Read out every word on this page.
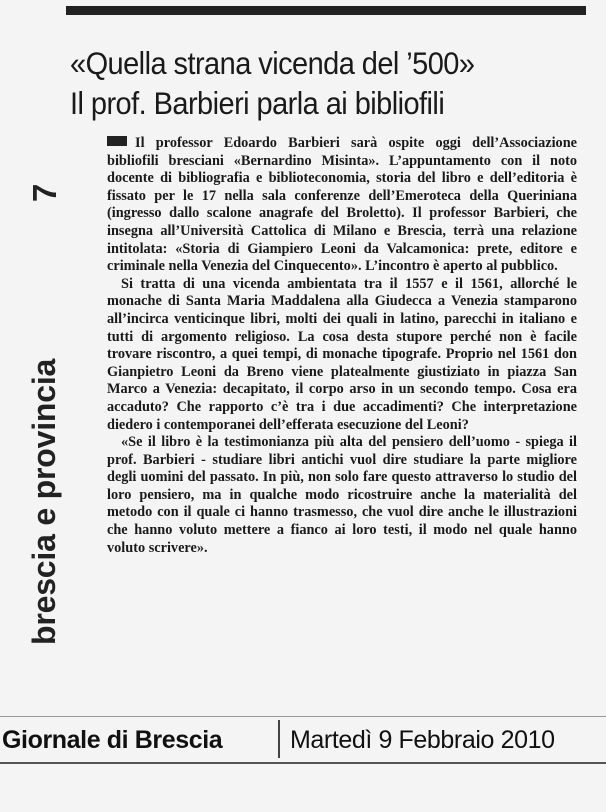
«Quella strana vicenda del ’500»
Il prof. Barbieri parla ai bibliofili
7
brescia e provincia

Il professor Edoardo Barbieri sarà ospite oggi dell’Associazione bibliofili bresciani «Bernardino Misinta». L’appuntamento con il noto docente di bibliografia e biblioteconomia, storia del libro e dell’editoria è fissato per le 17 nella sala conferenze dell’Emeroteca della Queriniana (ingresso dallo scalone anagrafe del Broletto). Il professor Barbieri, che insegna all’Università Cattolica di Milano e Brescia, terrà una relazione intitolata: «Storia di Giampiero Leoni da Valcamonica: prete, editore e criminale nella Venezia del Cinquecento». L’incontro è aperto al pubblico.

Si tratta di una vicenda ambientata tra il 1557 e il 1561, allorché le monache di Santa Maria Maddalena alla Giudecca a Venezia stamparono all’incirca venticinque libri, molti dei quali in latino, parecchi in italiano e tutti di argomento religioso. La cosa desta stupore perché non è facile trovare riscontro, a quei tempi, di monache tipografe. Proprio nel 1561 don Gianpietro Leoni da Breno viene platealmente giustiziato in piazza San Marco a Venezia: decapitato, il corpo arso in un secondo tempo. Cosa era accaduto? Che rapporto c’è tra i due accadimenti? Che interpretazione diedero i contemporanei dell’efferata esecuzione del Leoni?

«Se il libro è la testimonianza più alta del pensiero dell’uomo - spiega il prof. Barbieri - studiare libri antichi vuol dire studiare la parte migliore degli uomini del passato. In più, non solo fare questo attraverso lo studio del loro pensiero, ma in qualche modo ricostruire anche la materialità del metodo con il quale ci hanno trasmesso, che vuol dire anche le illustrazioni che hanno voluto mettere a fianco ai loro testi, il modo nel quale hanno voluto scrivere».

Giornale di Brescia	Martedì 9 Febbraio 2010
